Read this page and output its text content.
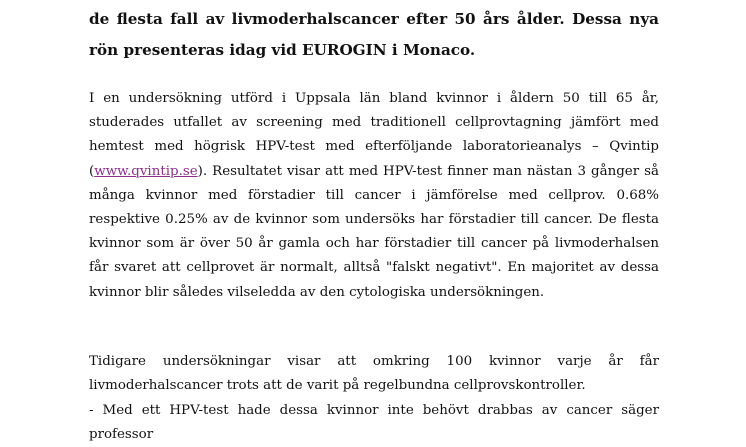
de flesta fall av livmoderhalscancer efter 50 års ålder. Dessa nya rön presenteras idag vid EUROGIN i Monaco.

I en undersökning utförd i Uppsala län bland kvinnor i åldern 50 till 65 år, studerades utfallet av screening med traditionell cellprovtagning jämfört med hemtest med högrisk HPV-test med efterföljande laboratorieanalys – Qvintip (www.qvintip.se). Resultatet visar att med HPV-test finner man nästan 3 gånger så många kvinnor med förstadier till cancer i jämförelse med cellprov. 0.68% respektive 0.25% av de kvinnor som undersöks har förstadier till cancer. De flesta kvinnor som är över 50 år gamla och har förstadier till cancer på livmoderhalsen får svaret att cellprovet är normalt, alltså "falskt negativt". En majoritet av dessa kvinnor blir således vilseledda av den cytologiska undersökningen.

Tidigare undersökningar visar att omkring 100 kvinnor varje år får livmoderhalscancer trots att de varit på regelbundna cellprovskontroller.

- Med ett HPV-test hade dessa kvinnor inte behövt drabbas av cancer säger professor
